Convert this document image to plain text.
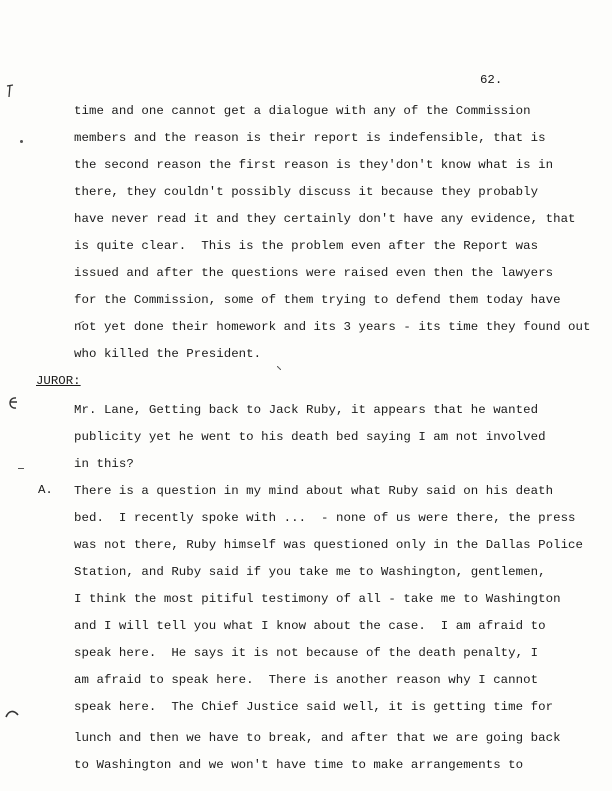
62.
time and one cannot get a dialogue with any of the Commission
members and the reason is their report is indefensible, that is
the second reason the first reason is they'don't know what is in
there, they couldn't possibly discuss it because they probably
have never read it and they certainly don't have any evidence, that
is quite clear.  This is the problem even after the Report was
issued and after the questions were raised even then the lawyers
for the Commission, some of them trying to defend them today have
not yet done their homework and its 3 years - its time they found out
who killed the President.
JUROR:
Mr. Lane, Getting back to Jack Ruby, it appears that he wanted
publicity yet he went to his death bed saying I am not involved
in this?
A. There is a question in my mind about what Ruby said on his death
bed.  I recently spoke with ...  - none of us were there, the press
was not there, Ruby himself was questioned only in the Dallas Police
Station, and Ruby said if you take me to Washington, gentlemen,
I think the most pitiful testimony of all - take me to Washington
and I will tell you what I know about the case.  I am afraid to
speak here.  He says it is not because of the death penalty, I
am afraid to speak here.  There is another reason why I cannot
speak here.  The Chief Justice said well, it is getting time for
lunch and then we have to break, and after that we are going back
to Washington and we won't have time to make arrangements to
